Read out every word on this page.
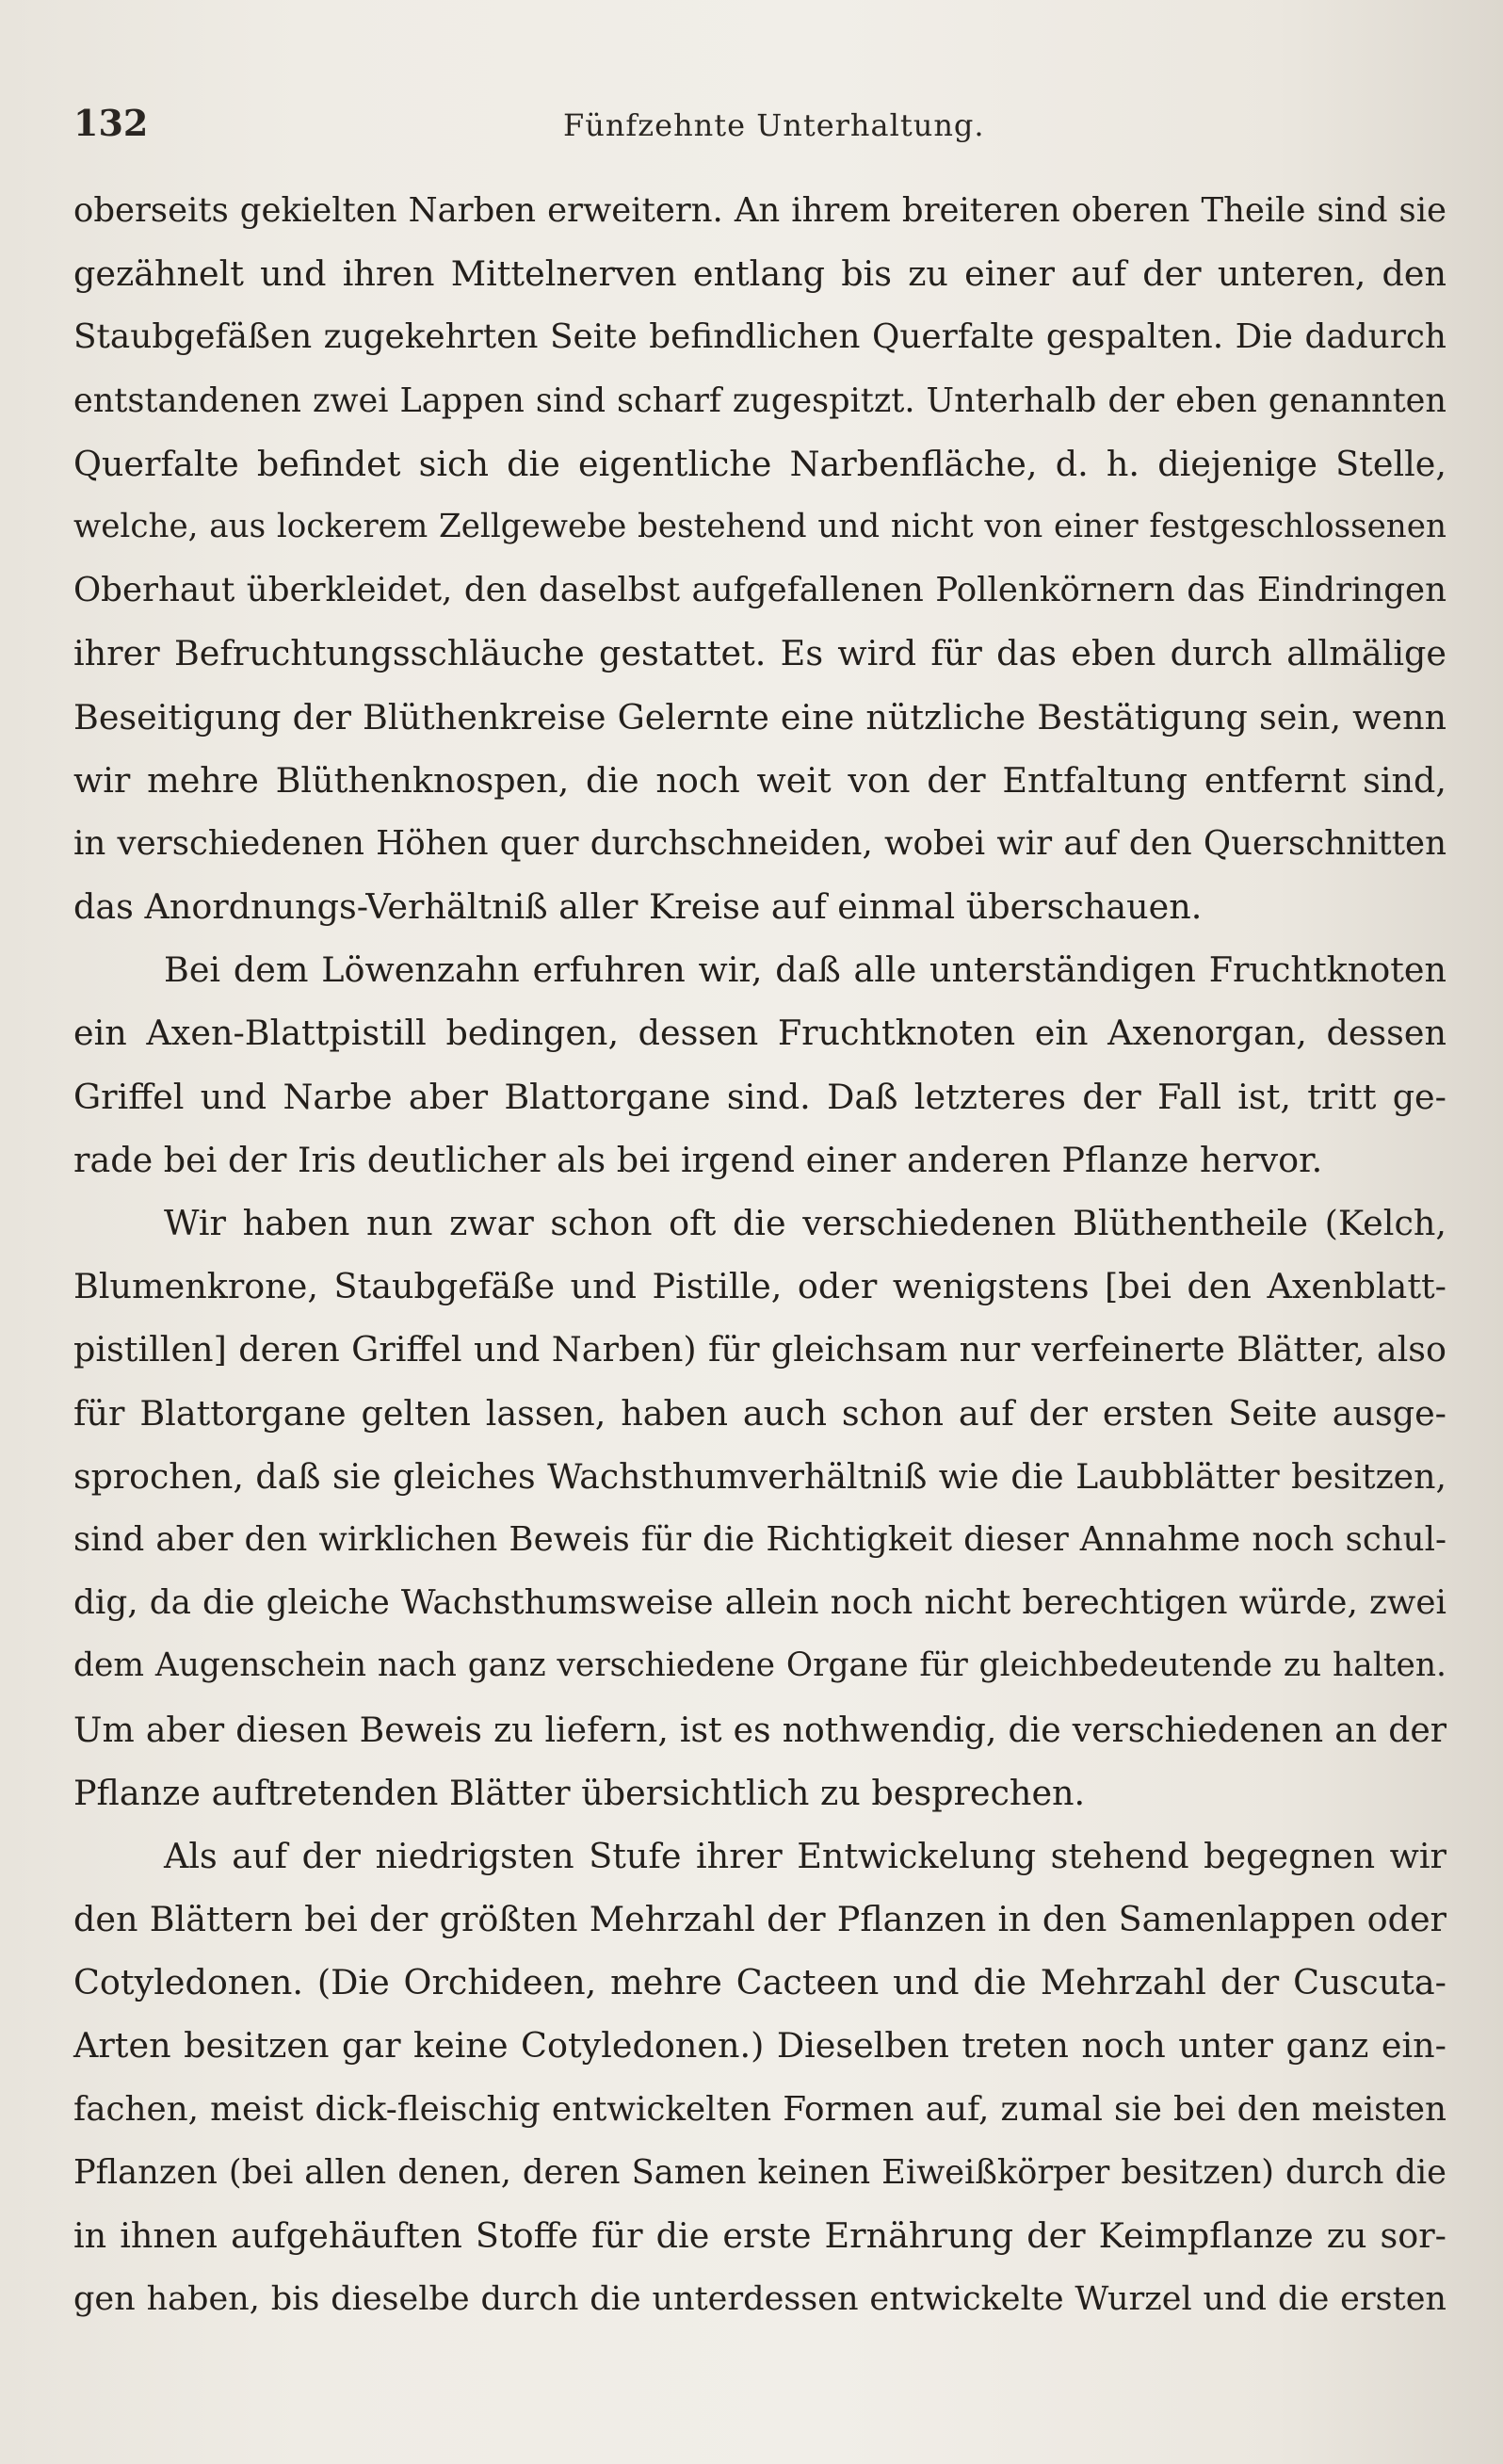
132	Fünfzehnte Unterhaltung.
oberseits gekielten Narben erweitern. An ihrem breiteren oberen Theile sind sie
gezähnelt und ihren Mittelnerven entlang bis zu einer auf der unteren, den
Staubgefäßen zugekehrten Seite befindlichen Querfalte gespalten. Die dadurch
entstandenen zwei Lappen sind scharf zugespitzt. Unterhalb der eben genannten
Querfalte befindet sich die eigentliche Narbenfläche, d. h. diejenige Stelle,
welche, aus lockerem Zellgewebe bestehend und nicht von einer festgeschlossenen
Oberhaut überkleidet, den daselbst aufgefallenen Pollenkörnern das Eindringen
ihrer Befruchtungsschläuche gestattet. Es wird für das eben durch allmälige
Beseitigung der Blüthenkreise Gelernte eine nützliche Bestätigung sein, wenn
wir mehre Blüthenknospen, die noch weit von der Entfaltung entfernt sind,
in verschiedenen Höhen quer durchschneiden, wobei wir auf den Querschnitten
das Anordnungs-Verhältniß aller Kreise auf einmal überschauen.
Bei dem Löwenzahn erfuhren wir, daß alle unterständigen Fruchtknoten
ein Axen-Blattpistill bedingen, dessen Fruchtknoten ein Axenorgan, dessen
Griffel und Narbe aber Blattorgane sind. Daß letzteres der Fall ist, tritt ge-
rade bei der Iris deutlicher als bei irgend einer anderen Pflanze hervor.
Wir haben nun zwar schon oft die verschiedenen Blüthentheile (Kelch,
Blumenkrone, Staubgefäße und Pistille, oder wenigstens [bei den Axenblatt-
pistillen] deren Griffel und Narben) für gleichsam nur verfeinerte Blätter, also
für Blattorgane gelten lassen, haben auch schon auf der ersten Seite ausge-
sprochen, daß sie gleiches Wachsthumverhältniß wie die Laubblätter besitzen,
sind aber den wirklichen Beweis für die Richtigkeit dieser Annahme noch schul-
dig, da die gleiche Wachsthumsweise allein noch nicht berechtigen würde, zwei
dem Augenschein nach ganz verschiedene Organe für gleichbedeutende zu halten.
Um aber diesen Beweis zu liefern, ist es nothwendig, die verschiedenen an der
Pflanze auftretenden Blätter übersichtlich zu besprechen.
Als auf der niedrigsten Stufe ihrer Entwickelung stehend begegnen wir
den Blättern bei der größten Mehrzahl der Pflanzen in den Samenlappen oder
Cotyledonen. (Die Orchideen, mehre Cacteen und die Mehrzahl der Cuscuta-
Arten besitzen gar keine Cotyledonen.) Dieselben treten noch unter ganz ein-
fachen, meist dick-fleischig entwickelten Formen auf, zumal sie bei den meisten
Pflanzen (bei allen denen, deren Samen keinen Eiweißkörper besitzen) durch die
in ihnen aufgehäuften Stoffe für die erste Ernährung der Keimpflanze zu sor-
gen haben, bis dieselbe durch die unterdessen entwickelte Wurzel und die ersten
